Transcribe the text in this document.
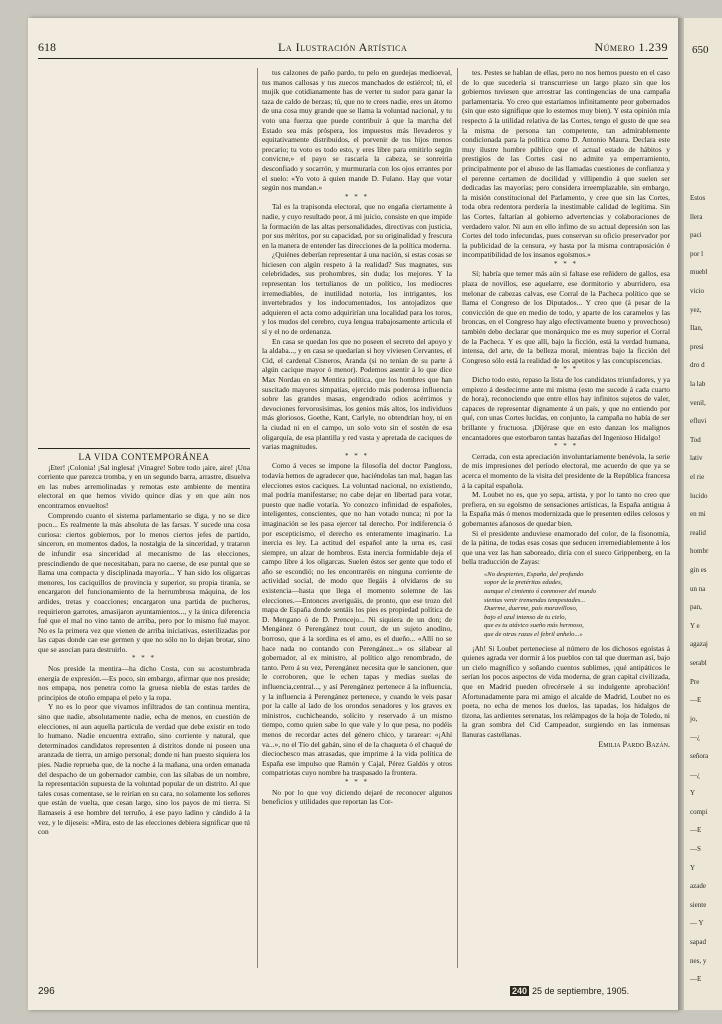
618	La Ilustración Artística	Número 1.239

LA VIDA CONTEMPORÁNEA

¡Eter! ¡Colonia! ¡Sal inglesa! ¡Vinagre! Sobre todo ¡aire, aire! ¡Una corriente que parezca tromba, y en un segundo barra, arrastre, disuelva en las nubes arremolinadas y remotas este ambiente de mentira electoral en que hemos vivido quince días y en que aún nos encontramos envueltos!

Comprendo cuanto el sistema parlamentario se diga, y no se dice poco... Es realmente la más absoluta de las farsas. Y sucede una cosa curiosa: ciertos gobiernos, por lo menos ciertos jefes de partido, sinceron, en momentos dados, la nostalgia de la sinceridad, y trataron de infundir esa sinceridad al mecanismo de las elecciones, prescindiendo de que necesitaban, para no caerse, de ese puntal que se llama una compacta y disciplinada mayoría... Y han sido los oligarcas menores, los caciquillos de provincia y superior, su propia tiranía, se encargaron del funcionamiento de la herrumbrosa máquina, de los ardides, tretas y coacciones; encargaron una partida de pucheros, requirieron garrotes, amasijaron ayuntamientos..., y la única diferencia fué que el mal no vino tanto de arriba, pero por lo mismo fué mayor. No es la primera vez que vienen de arriba iniciativas, esterilizadas por las capas donde cae ese germen y que no sólo no lo dejan brotar, sino que se asocian para destruirlo.

* * *

Nos preside la mentira—ha dicho Costa, con su acostumbrada energía de expresión.—Es poco, sin embargo, afirmar que nos preside; nos empapa, nos penetra como la gruesa niebla de estas tardes de principios de otoño empapa el pelo y la ropa.

Y no es lo peor que vivamos infiltrados de tan continua mentira, sino que nadie, absolutamente nadie, echa de menos, en cuestión de elecciones, ni aun aquella partícula de verdad que debe existir en todo lo humano. Nadie encuentra extraño, sino corriente y natural, que determinados candidatos representen á distritos donde ni poseen una aranzada de tierra, un amigo personal; donde ni han puesto siquiera los pies. Nadie reprueba que, de la noche á la mañana, una orden emanada del despacho de un gobernador cambie, con las sílabas de un nombre, la representación supuesta de la voluntad popular de un distrito. Al que tales cosas comentase, se le reirían en su cara, no solamente los señores que están de vuelta, que cesan largo, sino los payos de mi tierra. Si llamaseis á ese hombre del terruño, á ese payo ladino y cándido á la vez, y le dijeseis: «Mira, esto de las elecciones debiera significar que tú con

tus calzones de paño pardo, tu pelo en guedejas medioeval, tus manos callosas y tus zuecos manchados de estiércol; tú, el mujik que cotidianamente has de verter tu sudor para ganar la taza de caldo de berzas; tú, que no te crees nadie, eres un átomo de una cosa muy grande que se llama la voluntad nacional, y tu voto una fuerza que puede contribuir á que la marcha del Estado sea más próspera, los impuestos más llevaderos y equitativamente distribuidos, el porvenir de tus hijos menos precario; tu voto es todo esto, y eres libre para emitirlo según convicne,» el payo se rascaría la cabeza, se sonreiría desconfiado y socarrón, y murmuraría con los ojos errantes por el suelo: «Yo voto á quien mande D. Fulano. Hay que votar según nos mandan.»

* * *

Tal es la trapisonda electoral, que no engaña ciertamente á nadie, y cuyo resultado peor, á mi juicio, consiste en que impide la formación de las altas personalidades, directivas con justicia, por sus méritos, por su capacidad, por su originalidad y frescura en la manera de entender las direcciones de la política moderna.

¿Quiénes deberían representar á una nación, si estas cosas se hiciesen con algún respeto á la realidad? Sus magnates, sus celebridades, sus prohombres, sin duda; los mejores. Y la representan los tertulianos de un político, los mediocres irremediables, de inutilidad notoria, los intrigantes, los invertebrados y los indocumentados, los antojadizos que adquieren el acta como adquirirían una localidad para los toros, y los mudos del cerebro, cuya lengua trabajosamente articula el sí y el no de ordenanza.

En casa se quedan los que no poseen el secreto del apoyo y la aldaba..., y en casa se quedarían si hoy viviesen Cervantes, el Cid, el cardenal Cisneros, Aranda (si no tenían de su parte á algún cacique mayor ó menor). Podemos asentir á lo que dice Max Nordau en su Mentira política, que los hombres que han suscitado mayores simpatías, ejercido más poderosa influencia sobre las grandes masas, engendrado odios acérrimos y devociones fervorosísimas, los genios más altos, los individuos más gloriosos, Goethe, Kant, Carlyle, no obtendrían hoy, ni en la ciudad ni en el campo, un solo voto sin el sostén de esa oligarquía, de esa plantilla y red vasta y apretada de caciques de varias magnitudes.

* * *

Como á veces se impone la filosofía del doctor Pangloss, todavía hemos de agradecer que, haciéndolas tan mal, hagan las elecciones estos caciques. La voluntad nacional, no existiendo, mal podría manifestarse; no cabe dejar en libertad para votar, puesto que nadie votaría. Yo conozco infinidad de españoles, inteligentes, conscientes, que no han votado nunca; ni por la imaginación se les pasa ejercer tal derecho. Por indiferencia ó por escepticismo, el derecho es enteramente imaginario. La inercia es ley. La actitud del español ante la urna es, casi siempre, un alzar de hombros. Esta inercia formidable deja el campo libre á los oligarcas. Suelen éstos ser gente que todo el año se escondió; no les encontraréis en ninguna corriente de actividad social, de modo que llegáis á olvidaros de su existencia—hasta que llega el momento solemne de las elecciones.—Entonces averiguáis, de pronto, que ese trozo del mapa de España donde sentáis los pies es propiedad política de D. Mengano ó de D. Prencejo... Ni siquiera de un don; de Mengánez ó Perengánez tout court, de un sujeto anodino, borroso, que á la sordina es el amo, es el dueño... «Allí no se hace nada no contando con Perengánez...» os silabear al gobernador, al ex ministro, al político algo renombrado, de tanto. Pero á su vez, Perengánez necesita que le sancionen, que le corroboren, que le echen tapas y medias suelas de influencia,central..., y así Perengánez pertenece á la influencia, y la influencia á Perengánez pertenece, y cuando le veis pasar por la calle al lado de los orondos senadores y los graves ex ministros, cuchicheando, solícito y reservado á un mismo tiempo, como quien sabe lo que vale y lo que pesa, no podéis menos de recordar actes del género chico, y tararear: «¡Ahí va...», no el Tío del gabán, sino el de la chaqueta ó el chaqué de dieciochesco mas atrasadas, que imprime á la vida política de España ese impulso que Ramón y Cajal, Pérez Galdós y otros compatriotas cuyo nombre ha traspasado la frontera.

* * *

No por lo que voy diciendo dejaré de reconocer algunos beneficios y utilidades que reportan las Cor-

tes. Pestes se hablan de ellas, pero no nos hemos puesto en el caso de lo que sucedería si transcurriese un largo plazo sin que los gobiernos tuviesen que arrostrar las contingencias de una campaña parlamentaria. Yo creo que estaríamos infinitamente peor gobernados (sin que esto signifique que lo estemos muy bien). Y esta opinión mía respecto á la utilidad relativa de las Cortes, tengo el gusto de que sea la misma de persona tan competente, tan admirablemente condicionada para la política como D. Antonio Maura. Declara este muy ilustre hombre público que el actual estado de hábitos y prestigios de las Cortes casi no admite ya emperramiento, principalmente por el abuso de las llamadas cuestiones de confianza y el perenne certamen de docilidad y villipendio á que suelen ser dedicadas las mayorías; pero considera irreemplazable, sin embargo, la misión constitucional del Parlamento, y cree que sin las Cortes, toda obra redentora perdería la inestimable calidad de legítima. Sin las Cortes, faltarían al gobierno advertencias y colaboraciones de verdadero valor. Ni aun en ello ínfimo de su actual depresión son las Cortes del todo infecundas, pues conservan su oficio preservador por la publicidad de la censura, «y hasta por la misma contraposición é incompatibilidad de los insanos egoísmos.»

* * *

Sí; habría que temer más aún si faltase ese reñidero de gallos, esa plaza de novillos, ese aquelarre, ese dormitorio y aburridero, esa melonar de cabezas calvas, ese Corral de la Pacheca político que se llama el Congreso de los Diputados... Y creo que (á pesar de la convicción de que en medio de todo, y aparte de los caramelos y las broncas, en el Congreso hay algo efectivamente bueno y provechoso) también debo declarar que monárquico me es muy superior el Corral de la Pacheca. Y es que allí, bajo la ficción, está la verdad humana, intensa, del arte, de la belleza moral, mientras bajo la ficción del Congreso sólo está la realidad de los apetitos y las concupiscencias.

* * *

Dicho todo esto, repaso la lista de los candidatos triunfadores, y ya empiezo á desdecirme ante mi misma (esto me sucede á cada cuarto de hora), reconociendo que entre ellos hay infinitos sujetos de valer, capaces de representar dignamente á un país, y que no entiendo por qué, con unas Cortes lucidas, en conjunto, la campaña no había de ser brillante y fructuosa. ¡Díjérase que en esto danzan los malignos encantadores que estorbaron tantas hazañas del Ingenioso Hidalgo!

* * *

Cerrada, con esta apreciación involuntariamente benévola, la serie de mis impresiones del período electoral, me acuerdo de que ya se acerca el momento de la visita del presidente de la República francesa á la capital española.

M. Loubet no es, que yo sepa, artista, y por lo tanto no creo que prefiera, en su egoísmo de sensaciones artísticas, la España antigua á la España más ó menos modernizada que le presenten ediles celosos y gobernantes afanosos de quedar bien.

Si el presidente anduviese enamorado del color, de la fisonomía, de la pátina, de todas esas cosas que seducen irremediablemente á los que una vez las han saboreado, diría con el sueco Grippenberg, en la bella traducción de Zayas:

«No despiertes, España, del profundo
sopor de la pretéritas edades,
aunque el cimiento ó conmover del mundo
sientas venir tremendas tempestades...
Duerme, duerme, país maravilloso,
bajo el azul intenso de tu cielo,
que es tu atávico sueño más hermoso,
que de otras razas el febril anhelo...»

¡Ah! Si Loubet perteneciese al número de los dichosos egoístas á quienes agrada ver dormir á los pueblos con tal que duerman así, bajo un cielo magnífico y soñando cuentos sublimes, ¡qué antipáticos le serían los pocos aspectos de vida moderna, de gran capital civilizada, que en Madrid pueden ofrecérsele á su indulgente aprobación! Afortunadamente para mi amigo el alcalde de Madrid, Loubet no es poeta, no echa de menos los duelos, las tapadas, los hidalgos de tizona, las ardientes serenatas, los relámpagos de la hoja de Toledo, ni la gran sombra del Cid Campeador, surgiendo en las inmensas llanuras castellanas.

Emilia Pardo Bazán.

296	240 25 de septiembre, 1905.
650
Estos
llera
paci
por l
muebl
vicio
yez,
Ilan,
presi
dro d
la lab
venil,
efluvi
Tod
lativ
el rie
lucido
en mi
realid
hombr
gin es
un na
pan,
Y e
agazaj
serabl
Pre
—E
jo,
—¿
señora
—¿
Y
compi
—E
—S
Y
azade
siente
— Y
sapad
nes, y
—E
